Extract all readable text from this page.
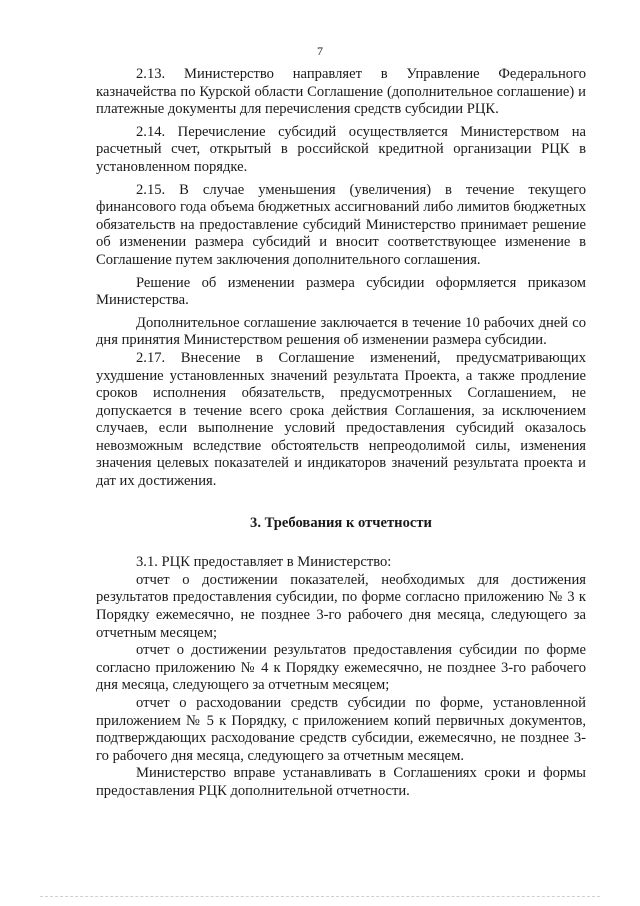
7

2.13. Министерство направляет в Управление Федерального казначейства по Курской области Соглашение (дополнительное соглашение) и платежные документы для перечисления средств субсидии РЦК.

2.14. Перечисление субсидий осуществляется Министерством на расчетный счет, открытый в российской кредитной организации РЦК в установленном порядке.

2.15. В случае уменьшения (увеличения) в течение текущего финансового года объема бюджетных ассигнований либо лимитов бюджетных обязательств на предоставление субсидий Министерство принимает решение об изменении размера субсидий и вносит соответствующее изменение в Соглашение путем заключения дополнительного соглашения.

Решение об изменении размера субсидии оформляется приказом Министерства.

Дополнительное соглашение заключается в течение 10 рабочих дней со дня принятия Министерством решения об изменении размера субсидии.

2.17. Внесение в Соглашение изменений, предусматривающих ухудшение установленных значений результата Проекта, а также продление сроков исполнения обязательств, предусмотренных Соглашением, не допускается в течение всего срока действия Соглашения, за исключением случаев, если выполнение условий предоставления субсидий оказалось невозможным вследствие обстоятельств непреодолимой силы, изменения значения целевых показателей и индикаторов значений результата проекта и дат их достижения.

3. Требования к отчетности

3.1. РЦК предоставляет в Министерство:

отчет о достижении показателей, необходимых для достижения результатов предоставления субсидии, по форме согласно приложению № 3 к Порядку ежемесячно, не позднее 3-го рабочего дня месяца, следующего за отчетным месяцем;

отчет о достижении результатов предоставления субсидии по форме согласно приложению № 4 к Порядку ежемесячно, не позднее 3-го рабочего дня месяца, следующего за отчетным месяцем;

отчет о расходовании средств субсидии по форме, установленной приложением № 5 к Порядку, с приложением копий первичных документов, подтверждающих расходование средств субсидии, ежемесячно, не позднее 3-го рабочего дня месяца, следующего за отчетным месяцем.

Министерство вправе устанавливать в Соглашениях сроки и формы предоставления РЦК дополнительной отчетности.
